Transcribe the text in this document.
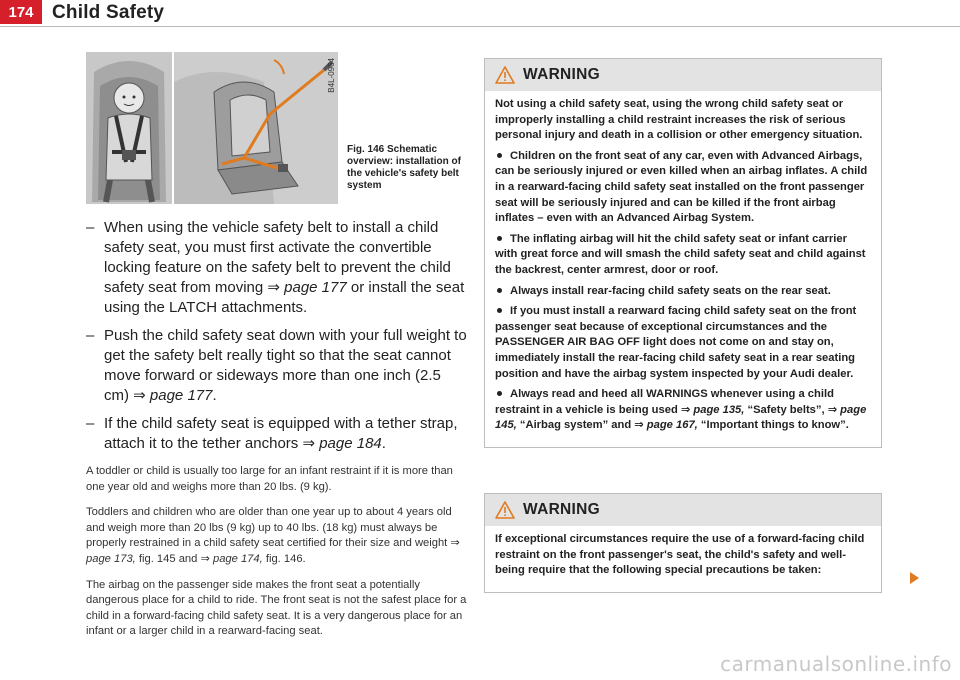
174 Child Safety
B4L-0964
Fig. 146 Schematic overview: installation of the vehicle's safety belt system
– When using the vehicle safety belt to install a child safety seat, you must first activate the convertible locking feature on the safety belt to prevent the child safety seat from moving ⇒ page 177 or install the seat using the LATCH attachments.
– Push the child safety seat down with your full weight to get the safety belt really tight so that the seat cannot move forward or sideways more than one inch (2.5 cm) ⇒ page 177.
– If the child safety seat is equipped with a tether strap, attach it to the tether anchors ⇒ page 184.
A toddler or child is usually too large for an infant restraint if it is more than one year old and weighs more than 20 lbs. (9 kg).
Toddlers and children who are older than one year up to about 4 years old and weigh more than 20 lbs (9 kg) up to 40 lbs. (18 kg) must always be properly restrained in a child safety seat certified for their size and weight ⇒ page 173, fig. 145 and ⇒ page 174, fig. 146.
The airbag on the passenger side makes the front seat a potentially dangerous place for a child to ride. The front seat is not the safest place for a child in a forward-facing child safety seat. It is a very dangerous place for an infant or a larger child in a rearward-facing seat.
WARNING

Not using a child safety seat, using the wrong child safety seat or improperly installing a child restraint increases the risk of serious personal injury and death in a collision or other emergency situation.

Children on the front seat of any car, even with Advanced Airbags, can be seriously injured or even killed when an airbag inflates. A child in a rearward-facing child safety seat installed on the front passenger seat will be seriously injured and can be killed if the front airbag inflates – even with an Advanced Airbag System.

The inflating airbag will hit the child safety seat or infant carrier with great force and will smash the child safety seat and child against the backrest, center armrest, door or roof.

Always install rear-facing child safety seats on the rear seat.

If you must install a rearward facing child safety seat on the front passenger seat because of exceptional circumstances and the PASSENGER AIR BAG OFF light does not come on and stay on, immediately install the rear-facing child safety seat in a rear seating position and have the airbag system inspected by your Audi dealer.

Always read and heed all WARNINGS whenever using a child restraint in a vehicle is being used ⇒ page 135, “Safety belts”, ⇒ page 145, “Airbag system” and ⇒ page 167, “Important things to know”.

WARNING

If exceptional circumstances require the use of a forward-facing child restraint on the front passenger's seat, the child's safety and well-being require that the following special precautions be taken:

carmanualsonline.info
